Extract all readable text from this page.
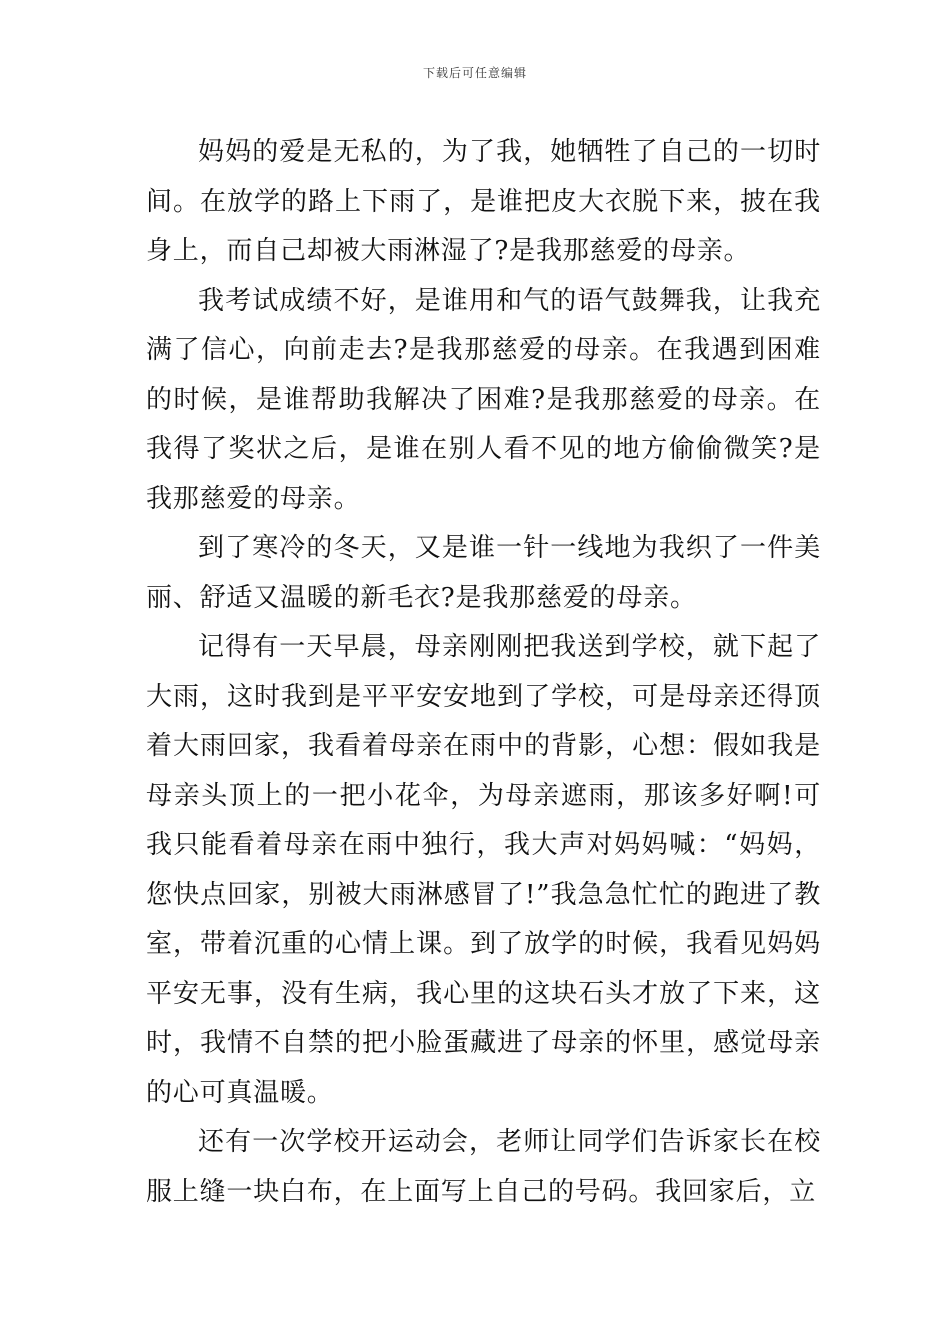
下载后可任意编辑

妈妈的爱是无私的，为了我，她牺牲了自己的一切时间。在放学的路上下雨了，是谁把皮大衣脱下来，披在我身上，而自己却被大雨淋湿了?是我那慈爱的母亲。

我考试成绩不好，是谁用和气的语气鼓舞我，让我充满了信心，向前走去?是我那慈爱的母亲。在我遇到困难的时候，是谁帮助我解决了困难?是我那慈爱的母亲。在我得了奖状之后，是谁在别人看不见的地方偷偷微笑?是我那慈爱的母亲。

到了寒冷的冬天，又是谁一针一线地为我织了一件美丽、舒适又温暖的新毛衣?是我那慈爱的母亲。

记得有一天早晨，母亲刚刚把我送到学校，就下起了大雨，这时我到是平平安安地到了学校，可是母亲还得顶着大雨回家，我看着母亲在雨中的背影，心想：假如我是母亲头顶上的一把小花伞，为母亲遮雨，那该多好啊!可我只能看着母亲在雨中独行，我大声对妈妈喊：“妈妈，您快点回家，别被大雨淋感冒了!”我急急忙忙的跑进了教室，带着沉重的心情上课。到了放学的时候，我看见妈妈平安无事，没有生病，我心里的这块石头才放了下来，这时，我情不自禁的把小脸蛋藏进了母亲的怀里，感觉母亲的心可真温暖。

还有一次学校开运动会，老师让同学们告诉家长在校服上缝一块白布，在上面写上自己的号码。我回家后，立
